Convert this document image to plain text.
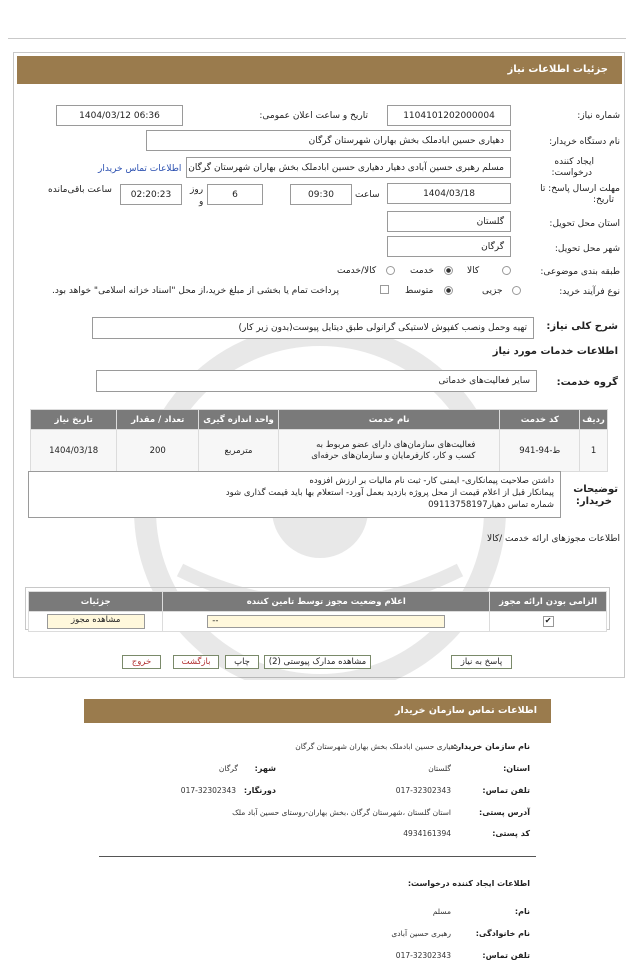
جزئیات اطلاعات نیاز
شماره نیاز:
1104101202000004
تاریخ و ساعت اعلان عمومی:
1404/03/12 06:36
نام دستگاه خریدار:
دهیاری حسین ابادملک بخش بهاران شهرستان گرگان
ایجاد کننده
درخواست:
مسلم رهبری حسین آبادی دهیار دهیاری حسین ابادملک بخش بهاران شهرستان گرگان
اطلاعات تماس خریدار
مهلت ارسال پاسخ: تا
تاریخ:
1404/03/18
ساعت
09:30
6
روز
و
02:20:23
ساعت باقی‌مانده
استان محل تحویل:
گلستان
شهر محل تحویل:
گرگان
طبقه بندی موضوعی:
کالا
خدمت
کالا/خدمت
نوع فرآیند خرید:
جزیی
متوسط
پرداخت تمام یا بخشی از مبلغ خرید،از محل "اسناد خزانه اسلامی" خواهد بود.
شرح کلی نیاز:
تهیه وحمل ونصب کفپوش لاستیکی گرانولی طبق دیتایل پیوست(بدون زیر کار)
اطلاعات خدمات مورد نیاز
گروه خدمت:
سایر فعالیت‌های خدماتی
ردیف	کد خدمت	نام خدمت	واحد اندازه گیری	تعداد / مقدار	تاریخ نیاز
1	ط-94-941	فعالیت‌های سازمان‌های دارای عضو مربوط به کسب و کار، کارفرمایان و سازمان‌های حرفه‌ای	مترمربع	200	1404/03/18
توضیحات
خریدار:
داشتن صلاحیت پیمانکاری- ایمنی کار- ثبت نام مالیات بر ارزش افزوده
پیمانکار قبل از اعلام قیمت از محل پروژه بازدید بعمل آورد- استعلام بها باید قیمت گذاری شود
شماره تماس دهیار09113758197
اطلاعات مجوزهای ارائه خدمت /کالا
الزامی بودن ارائه مجوز	اعلام وضعیت مجوز توسط تامین کننده	جزئیات
✔	--	مشاهده مجوز
پاسخ به نیاز
مشاهده مدارک پیوستی (2)
چاپ
بازگشت
خروج
اطلاعات تماس سازمان خریدار
نام سازمان خریدار:
دهیاری حسین ابادملک بخش بهاران شهرستان گرگان
استان:
گلستان
شهر:
گرگان
تلفن تماس:
017-32302343
دورنگار:
017-32302343
آدرس پستی:
استان گلستان ،شهرستان گرگان ،بخش بهاران-روستای حسین آباد ملک
کد پستی:
4934161394
اطلاعات ایجاد کننده درخواست:
نام:
مسلم
نام خانوادگی:
رهبری حسین آبادی
تلفن تماس:
017-32302343
